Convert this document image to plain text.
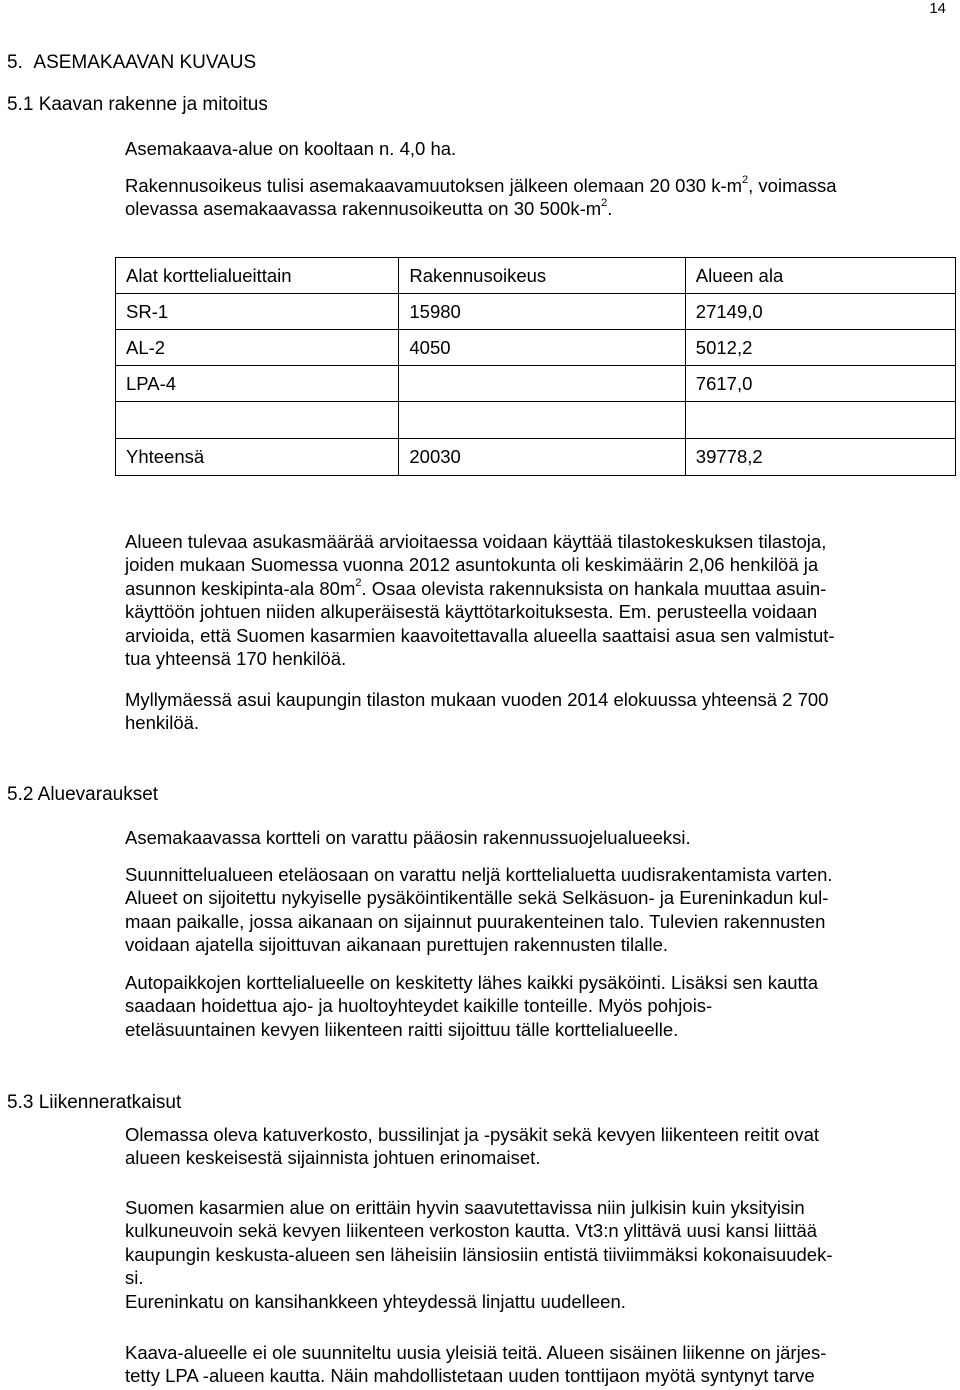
14
5.  ASEMAKAAVAN KUVAUS
5.1 Kaavan rakenne ja mitoitus
Asemakaava-alue on kooltaan n. 4,0 ha.
Rakennusoikeus tulisi asemakaavamuutoksen jälkeen olemaan 20 030 $k-m^2$, voimassa
olevassa asemakaavassa rakennusoikeutta on 30 $500k-m^2$.
Alat korttelialueittain	Rakennusoikeus	Alueen ala
SR-1	15980	27149,0
AL-2	4050	5012,2
LPA-4		7617,0

Yhteensä	20030	39778,2
Alueen tulevaa asukasmäärää arvioitaessa voidaan käyttää tilastokeskuksen tilastoja,
joiden mukaan Suomessa vuonna 2012 asuntokunta oli keskimäärin 2,06 henkilöä ja
asunnon keskipinta-ala $80m^2$. Osaa olevista rakennuksista on hankala muuttaa asuin-
käyttöön johtuen niiden alkuperäisestä käyttötarkoituksesta. Em. perusteella voidaan
arvioida, että Suomen kasarmien kaavoitettavalla alueella saattaisi asua sen valmistut-
tua yhteensä 170 henkilöä.
Myllymäessä asui kaupungin tilaston mukaan vuoden 2014 elokuussa yhteensä 2 700
henkilöä.
5.2 Aluevaraukset
Asemakaavassa kortteli on varattu pääosin rakennussuojelualueeksi.
Suunnittelualueen eteläosaan on varattu neljä korttelialuetta uudisrakentamista varten.
Alueet on sijoitettu nykyiselle pysäköintikentälle sekä Selkäsuon- ja Eureninkadun kul-
maan paikalle, jossa aikanaan on sijainnut puurakenteinen talo. Tulevien rakennusten
voidaan ajatella sijoittuvan aikanaan purettujen rakennusten tilalle.
Autopaikkojen korttelialueelle on keskitetty lähes kaikki pysäköinti. Lisäksi sen kautta
saadaan hoidettua ajo- ja huoltoyhteydet kaikille tonteille. Myös pohjois-
eteläsuuntainen kevyen liikenteen raitti sijoittuu tälle korttelialueelle.
5.3 Liikenneratkaisut
Olemassa oleva katuverkosto, bussilinjat ja -pysäkit sekä kevyen liikenteen reitit ovat
alueen keskeisestä sijainnista johtuen erinomaiset.
Suomen kasarmien alue on erittäin hyvin saavutettavissa niin julkisin kuin yksityisin
kulkuneuvoin sekä kevyen liikenteen verkoston kautta. Vt3:n ylittävä uusi kansi liittää
kaupungin keskusta-alueen sen läheisiin länsiosiin entistä tiiviimmäksi kokonaisuudek-
si.
Eureninkatu on kansihankkeen yhteydessä linjattu uudelleen.
Kaava-alueelle ei ole suunniteltu uusia yleisiä teitä. Alueen sisäinen liikenne on järjes-
tetty LPA -alueen kautta. Näin mahdollistetaan uuden tonttijaon myötä syntynyt tarve
